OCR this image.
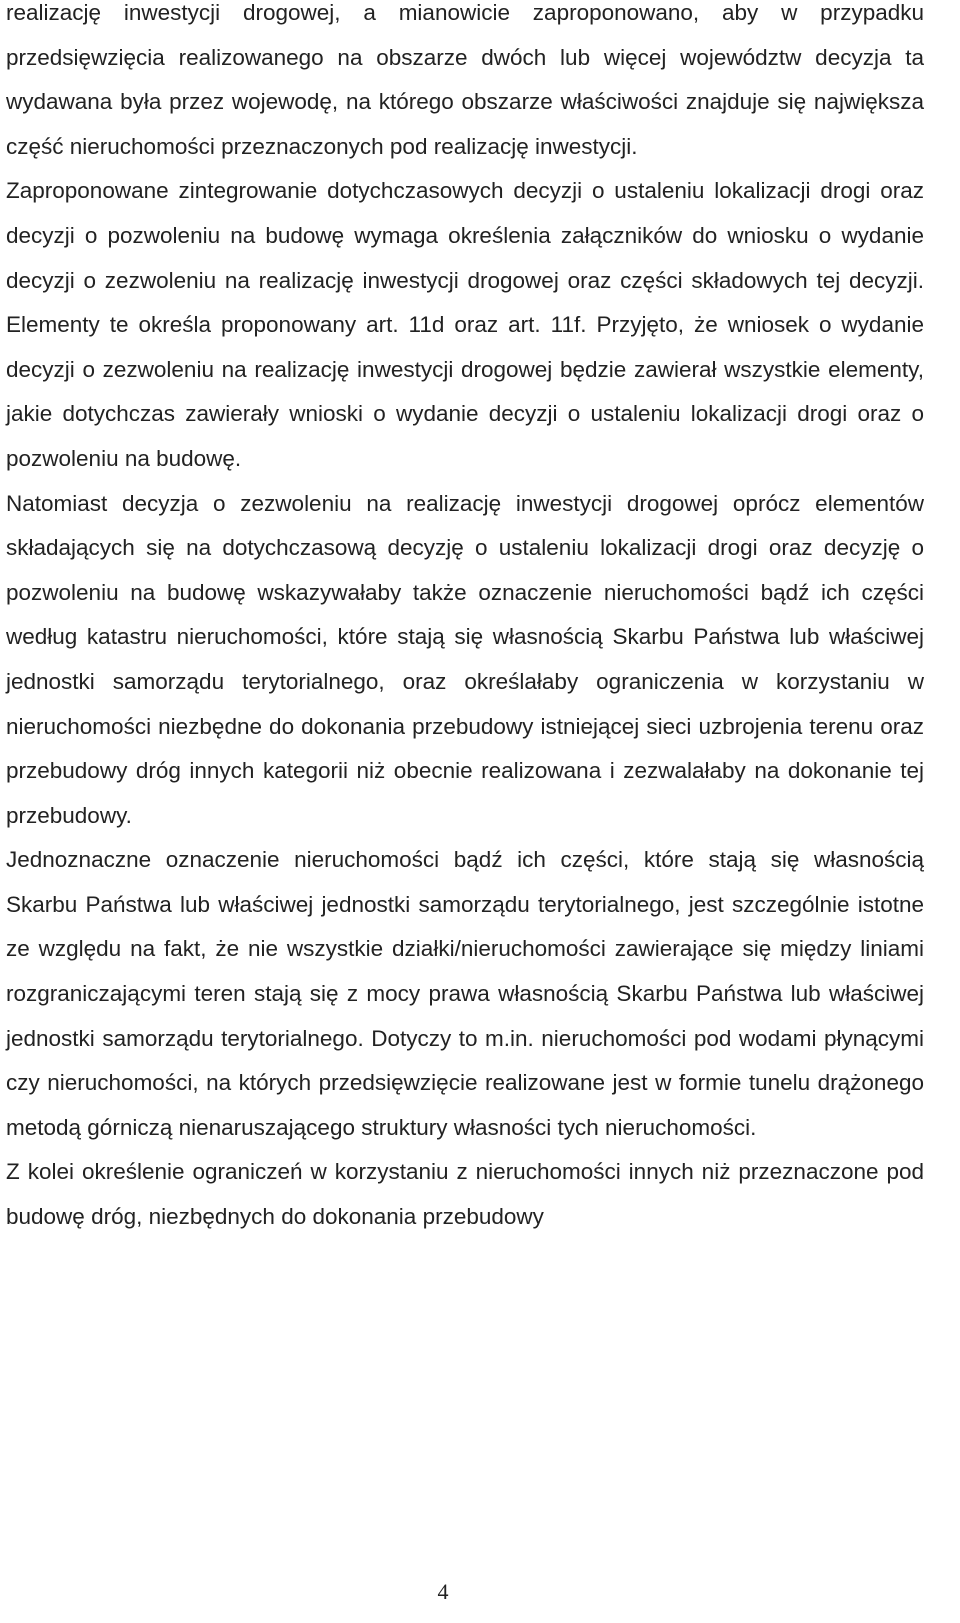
realizację inwestycji drogowej, a mianowicie zaproponowano, aby w przypadku przedsięwzięcia realizowanego na obszarze dwóch lub więcej województw decyzja ta wydawana była przez wojewodę, na którego obszarze właściwości znajduje się największa część nieruchomości przeznaczonych pod realizację inwestycji.

Zaproponowane zintegrowanie dotychczasowych decyzji o ustaleniu lokalizacji drogi oraz decyzji o pozwoleniu na budowę wymaga określenia załączników do wniosku o wydanie decyzji o zezwoleniu na realizację inwestycji drogowej oraz części składowych tej decyzji. Elementy te określa proponowany art. 11d oraz art. 11f. Przyjęto, że wniosek o wydanie decyzji o zezwoleniu na realizację inwestycji drogowej będzie zawierał wszystkie elementy, jakie dotychczas zawierały wnioski o wydanie decyzji o ustaleniu lokalizacji drogi oraz o pozwoleniu na budowę.

Natomiast decyzja o zezwoleniu na realizację inwestycji drogowej oprócz elementów składających się na dotychczasową decyzję o ustaleniu lokalizacji drogi oraz decyzję o pozwoleniu na budowę wskazywałaby także oznaczenie nieruchomości bądź ich części według katastru nieruchomości, które stają się własnością Skarbu Państwa lub właściwej jednostki samorządu terytorialnego, oraz określałaby ograniczenia w korzystaniu w nieruchomości niezbędne do dokonania przebudowy istniejącej sieci uzbrojenia terenu oraz przebudowy dróg innych kategorii niż obecnie realizowana i zezwalałaby na dokonanie tej przebudowy.

Jednoznaczne oznaczenie nieruchomości bądź ich części, które stają się własnością Skarbu Państwa lub właściwej jednostki samorządu terytorialnego, jest szczególnie istotne ze względu na fakt, że nie wszystkie działki/nieruchomości zawierające się między liniami rozgraniczającymi teren stają się z mocy prawa własnością Skarbu Państwa lub właściwej jednostki samorządu terytorialnego. Dotyczy to m.in. nieruchomości pod wodami płynącymi czy nieruchomości, na których przedsięwzięcie realizowane jest w formie tunelu drążonego metodą górniczą nienaruszającego struktury własności tych nieruchomości.

Z kolei określenie ograniczeń w korzystaniu z nieruchomości innych niż przeznaczone pod budowę dróg, niezbędnych do dokonania przebudowy

4
